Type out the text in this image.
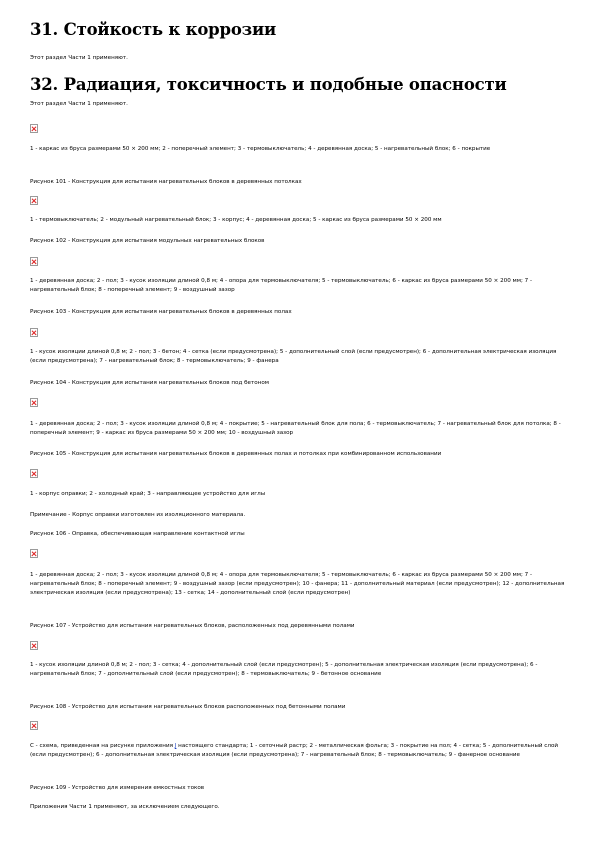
31. Стойкость к коррозии
Этот раздел Части 1 применяют.
32. Радиация, токсичность и подобные опасности
Этот раздел Части 1 применяют.
1 - каркас из бруса размерами 50 × 200 мм; 2 - поперечный элемент; 3 - термовыключатель; 4 - деревянная доска; 5 - нагревательный блок; 6 - покрытие
Рисунок 101 - Конструкция для испытания нагревательных блоков в деревянных потолках
1 - термовыключатель; 2 - модульный нагревательный блок; 3 - корпус; 4 - деревянная доска; 5 - каркас из бруса размерами 50 × 200 мм
Рисунок 102 - Конструкция для испытания модульных нагревательных блоков
1 - деревянная доска; 2 - пол; 3 - кусок изоляции длиной 0,8 м; 4 - опора для термовыключателя; 5 - термовыключатель; 6 - каркас из бруса размерами 50 × 200 мм; 7 - нагревательный блок; 8 - поперечный элемент; 9 - воздушный зазор
Рисунок 103 - Конструкция для испытания нагревательных блоков в деревянных полах
1 - кусок изоляции длиной 0,8 м; 2 - пол; 3 - бетон; 4 - сетка (если предусмотрена); 5 - дополнительный слой (если предусмотрен); 6 - дополнительная электрическая изоляция (если предусмотрена); 7 - нагревательный блок; 8 - термовыключатель; 9 - фанера
Рисунок 104 - Конструкция для испытания нагревательных блоков под бетоном
1 - деревянная доска; 2 - пол; 3 - кусок изоляции длиной 0,8 м; 4 - покрытие; 5 - нагревательный блок для пола; 6 - термовыключатель; 7 - нагревательный блок для потолка; 8 - поперечный элемент; 9 - каркас из бруса размерами 50 × 200 мм; 10 - воздушный зазор
Рисунок 105 - Конструкция для испытания нагревательных блоков в деревянных полах и потолках при комбинированном использовании
1 - корпус оправки; 2 - холодный край; 3 - направляющее устройство для иглы
Примечание - Корпус оправки изготовлен из изоляционного материала.
Рисунок 106 - Оправка, обеспечивающая направление контактной иглы
1 - деревянная доска; 2 - пол; 3 - кусок изоляции длиной 0,8 м; 4 - опора для термовыключателя; 5 - термовыключатель; 6 - каркас из бруса размерами 50 × 200 мм; 7 - нагревательный блок; 8 - поперечный элемент; 9 - воздушный зазор (если предусмотрен); 10 - фанера; 11 - дополнительный материал (если предусмотрен); 12 - дополнительная электрическая изоляция (если предусмотрена); 13 - сетка; 14 - дополнительный слой (если предусмотрен)
Рисунок 107 - Устройство для испытания нагревательных блоков, расположенных под деревянными полами
1 - кусок изоляции длиной 0,8 м; 2 - пол; 3 - сетка; 4 - дополнительный слой (если предусмотрен); 5 - дополнительная электрическая изоляция (если предусмотрена); 6 - нагревательный блок; 7 - дополнительный слой (если предусмотрен); 8 - термовыключатель; 9 - бетонное основание
Рисунок 108 - Устройство для испытания нагревательных блоков расположенных под бетонными полами
С - схема, приведенная на рисунке приложения J настоящего стандарта; 1 - сеточный растр; 2 - металлическая фольга; 3 - покрытие на пол; 4 - сетка; 5 - дополнительный слой (если предусмотрен); 6 - дополнительная электрическая изоляция (если предусмотрена); 7 - нагревательный блок; 8 - термовыключатель; 9 - фанерное основание
Рисунок 109 - Устройство для измерения емкостных токов
Приложения Части 1 применяют, за исключением следующего.
